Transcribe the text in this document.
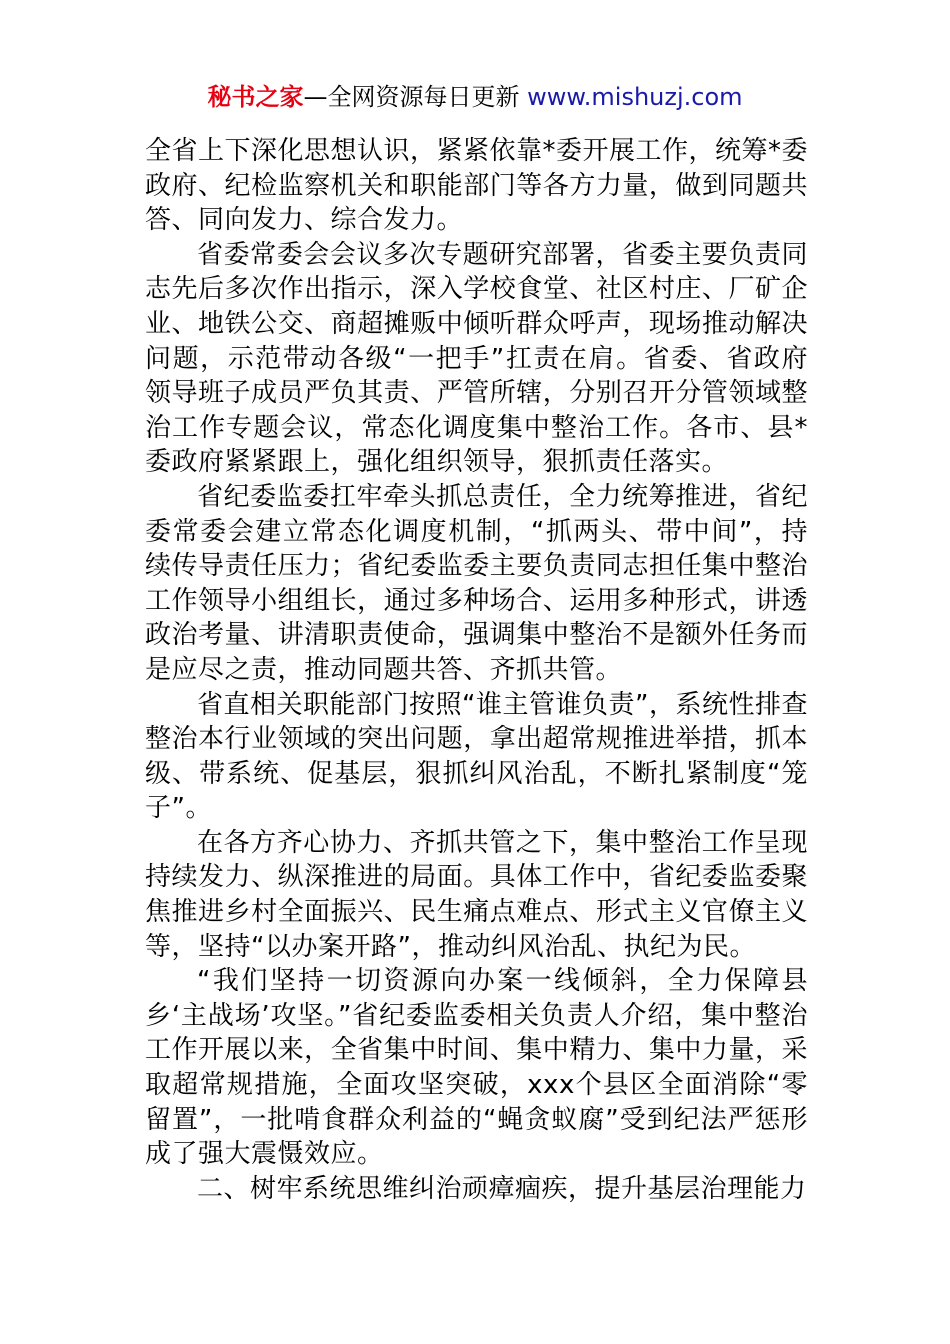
秘书之家—全网资源每日更新 www.mishuzj.com

全省上下深化思想认识，紧紧依靠*委开展工作，统筹*委政府、纪检监察机关和职能部门等各方力量，做到同题共答、同向发力、综合发力。

省委常委会会议多次专题研究部署，省委主要负责同志先后多次作出指示，深入学校食堂、社区村庄、厂矿企业、地铁公交、商超摊贩中倾听群众呼声，现场推动解决问题，示范带动各级“一把手”扛责在肩。省委、省政府领导班子成员严负其责、严管所辖，分别召开分管领域整治工作专题会议，常态化调度集中整治工作。各市、县*委政府紧紧跟上，强化组织领导，狠抓责任落实。

省纪委监委扛牢牵头抓总责任，全力统筹推进，省纪委常委会建立常态化调度机制，“抓两头、带中间”，持续传导责任压力；省纪委监委主要负责同志担任集中整治工作领导小组组长，通过多种场合、运用多种形式，讲透政治考量、讲清职责使命，强调集中整治不是额外任务而是应尽之责，推动同题共答、齐抓共管。

省直相关职能部门按照“谁主管谁负责”，系统性排查整治本行业领域的突出问题，拿出超常规推进举措，抓本级、带系统、促基层，狠抓纠风治乱，不断扎紧制度“笼子”。

在各方齐心协力、齐抓共管之下，集中整治工作呈现持续发力、纵深推进的局面。具体工作中，省纪委监委聚焦推进乡村全面振兴、民生痛点难点、形式主义官僚主义等，坚持“以办案开路”，推动纠风治乱、执纪为民。

“我们坚持一切资源向办案一线倾斜，全力保障县乡‘主战场’攻坚。”省纪委监委相关负责人介绍，集中整治工作开展以来，全省集中时间、集中精力、集中力量，采取超常规措施，全面攻坚突破，xxx个县区全面消除“零留置”，一批啃食群众利益的“蝇贪蚁腐”受到纪法严惩形成了强大震慑效应。

二、树牢系统思维纠治顽瘴痼疾，提升基层治理能力
